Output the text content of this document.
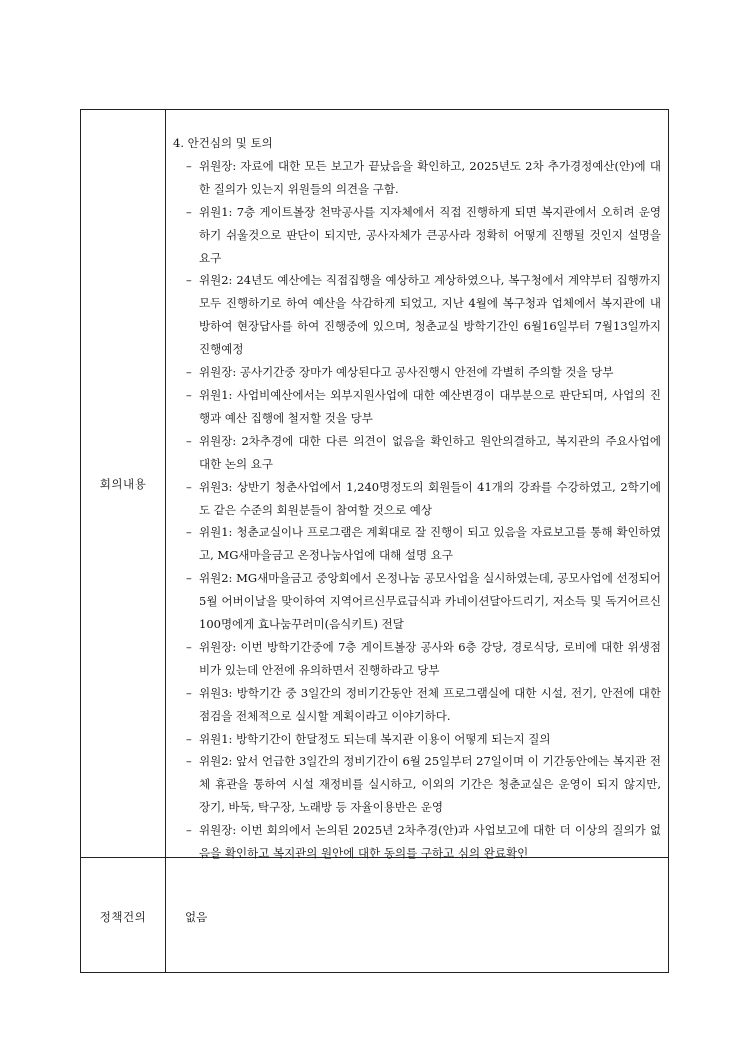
회의내용

4. 안건심의 및 토의

– 위원장: 자료에 대한 모든 보고가 끝났음을 확인하고, 2025년도 2차 추가경정예산(안)에 대한 질의가 있는지 위원들의 의견을 구함.
– 위원1: 7층 게이트볼장 천막공사를 지자체에서 직접 진행하게 되면 복지관에서 오히려 운영하기 쉬울것으로 판단이 되지만, 공사자체가 큰공사라 정확히 어떻게 진행될 것인지 설명을 요구
– 위원2: 24년도 예산에는 직접집행을 예상하고 계상하였으나, 복구청에서 계약부터 집행까지 모두 진행하기로 하여 예산을 삭감하게 되었고, 지난 4월에 복구청과 업체에서 복지관에 내방하여 현장답사를 하여 진행중에 있으며, 청춘교실 방학기간인 6월16일부터 7월13일까지 진행예정
– 위원장: 공사기간중 장마가 예상된다고 공사진행시 안전에 각별히 주의할 것을 당부
– 위원1: 사업비예산에서는 외부지원사업에 대한 예산변경이 대부분으로 판단되며, 사업의 진행과 예산 집행에 철저할 것을 당부
– 위원장: 2차추경에 대한 다른 의견이 없음을 확인하고 원안의결하고, 복지관의 주요사업에 대한 논의 요구
– 위원3: 상반기 청춘사업에서 1,240명정도의 회원들이 41개의 강좌를 수강하였고, 2학기에도 같은 수준의 회원분들이 참여할 것으로 예상
– 위원1: 청춘교실이나 프로그램은 계획대로 잘 진행이 되고 있음을 자료보고를 통해 확인하였고, MG새마을금고 온정나눔사업에 대해 설명 요구
– 위원2: MG새마을금고 중앙회에서 온정나눔 공모사업을 실시하였는데, 공모사업에 선정되어 5월 어버이날을 맞이하여 지역어르신무료급식과 카네이션달아드리기, 저소득 및 독거어르신 100명에게 효나눔꾸러미(음식키트) 전달
– 위원장: 이번 방학기간중에 7층 게이트볼장 공사와 6층 강당, 경로식당, 로비에 대한 위생점비가 있는데 안전에 유의하면서 진행하라고 당부
– 위원3: 방학기간 중 3일간의 정비기간동안 전체 프로그램실에 대한 시설, 전기, 안전에 대한 점검을 전체적으로 실시할 계획이라고 이야기하다.
– 위원1: 방학기간이 한달정도 되는데 복지관 이용이 어떻게 되는지 질의
– 위원2: 앞서 언급한 3일간의 정비기간이 6월 25일부터 27일이며 이 기간동안에는 복지관 전체 휴관을 통하여 시설 재정비를 실시하고, 이외의 기간은 청춘교실은 운영이 되지 않지만, 장기, 바둑, 탁구장, 노래방 등 자율이용반은 운영
– 위원장: 이번 회의에서 논의된 2025년 2차추경(안)과 사업보고에 대한 더 이상의 질의가 없음을 확인하고 복지관의 원안에 대한 동의를 구하고 심의 완료확인
정책건의	없음
